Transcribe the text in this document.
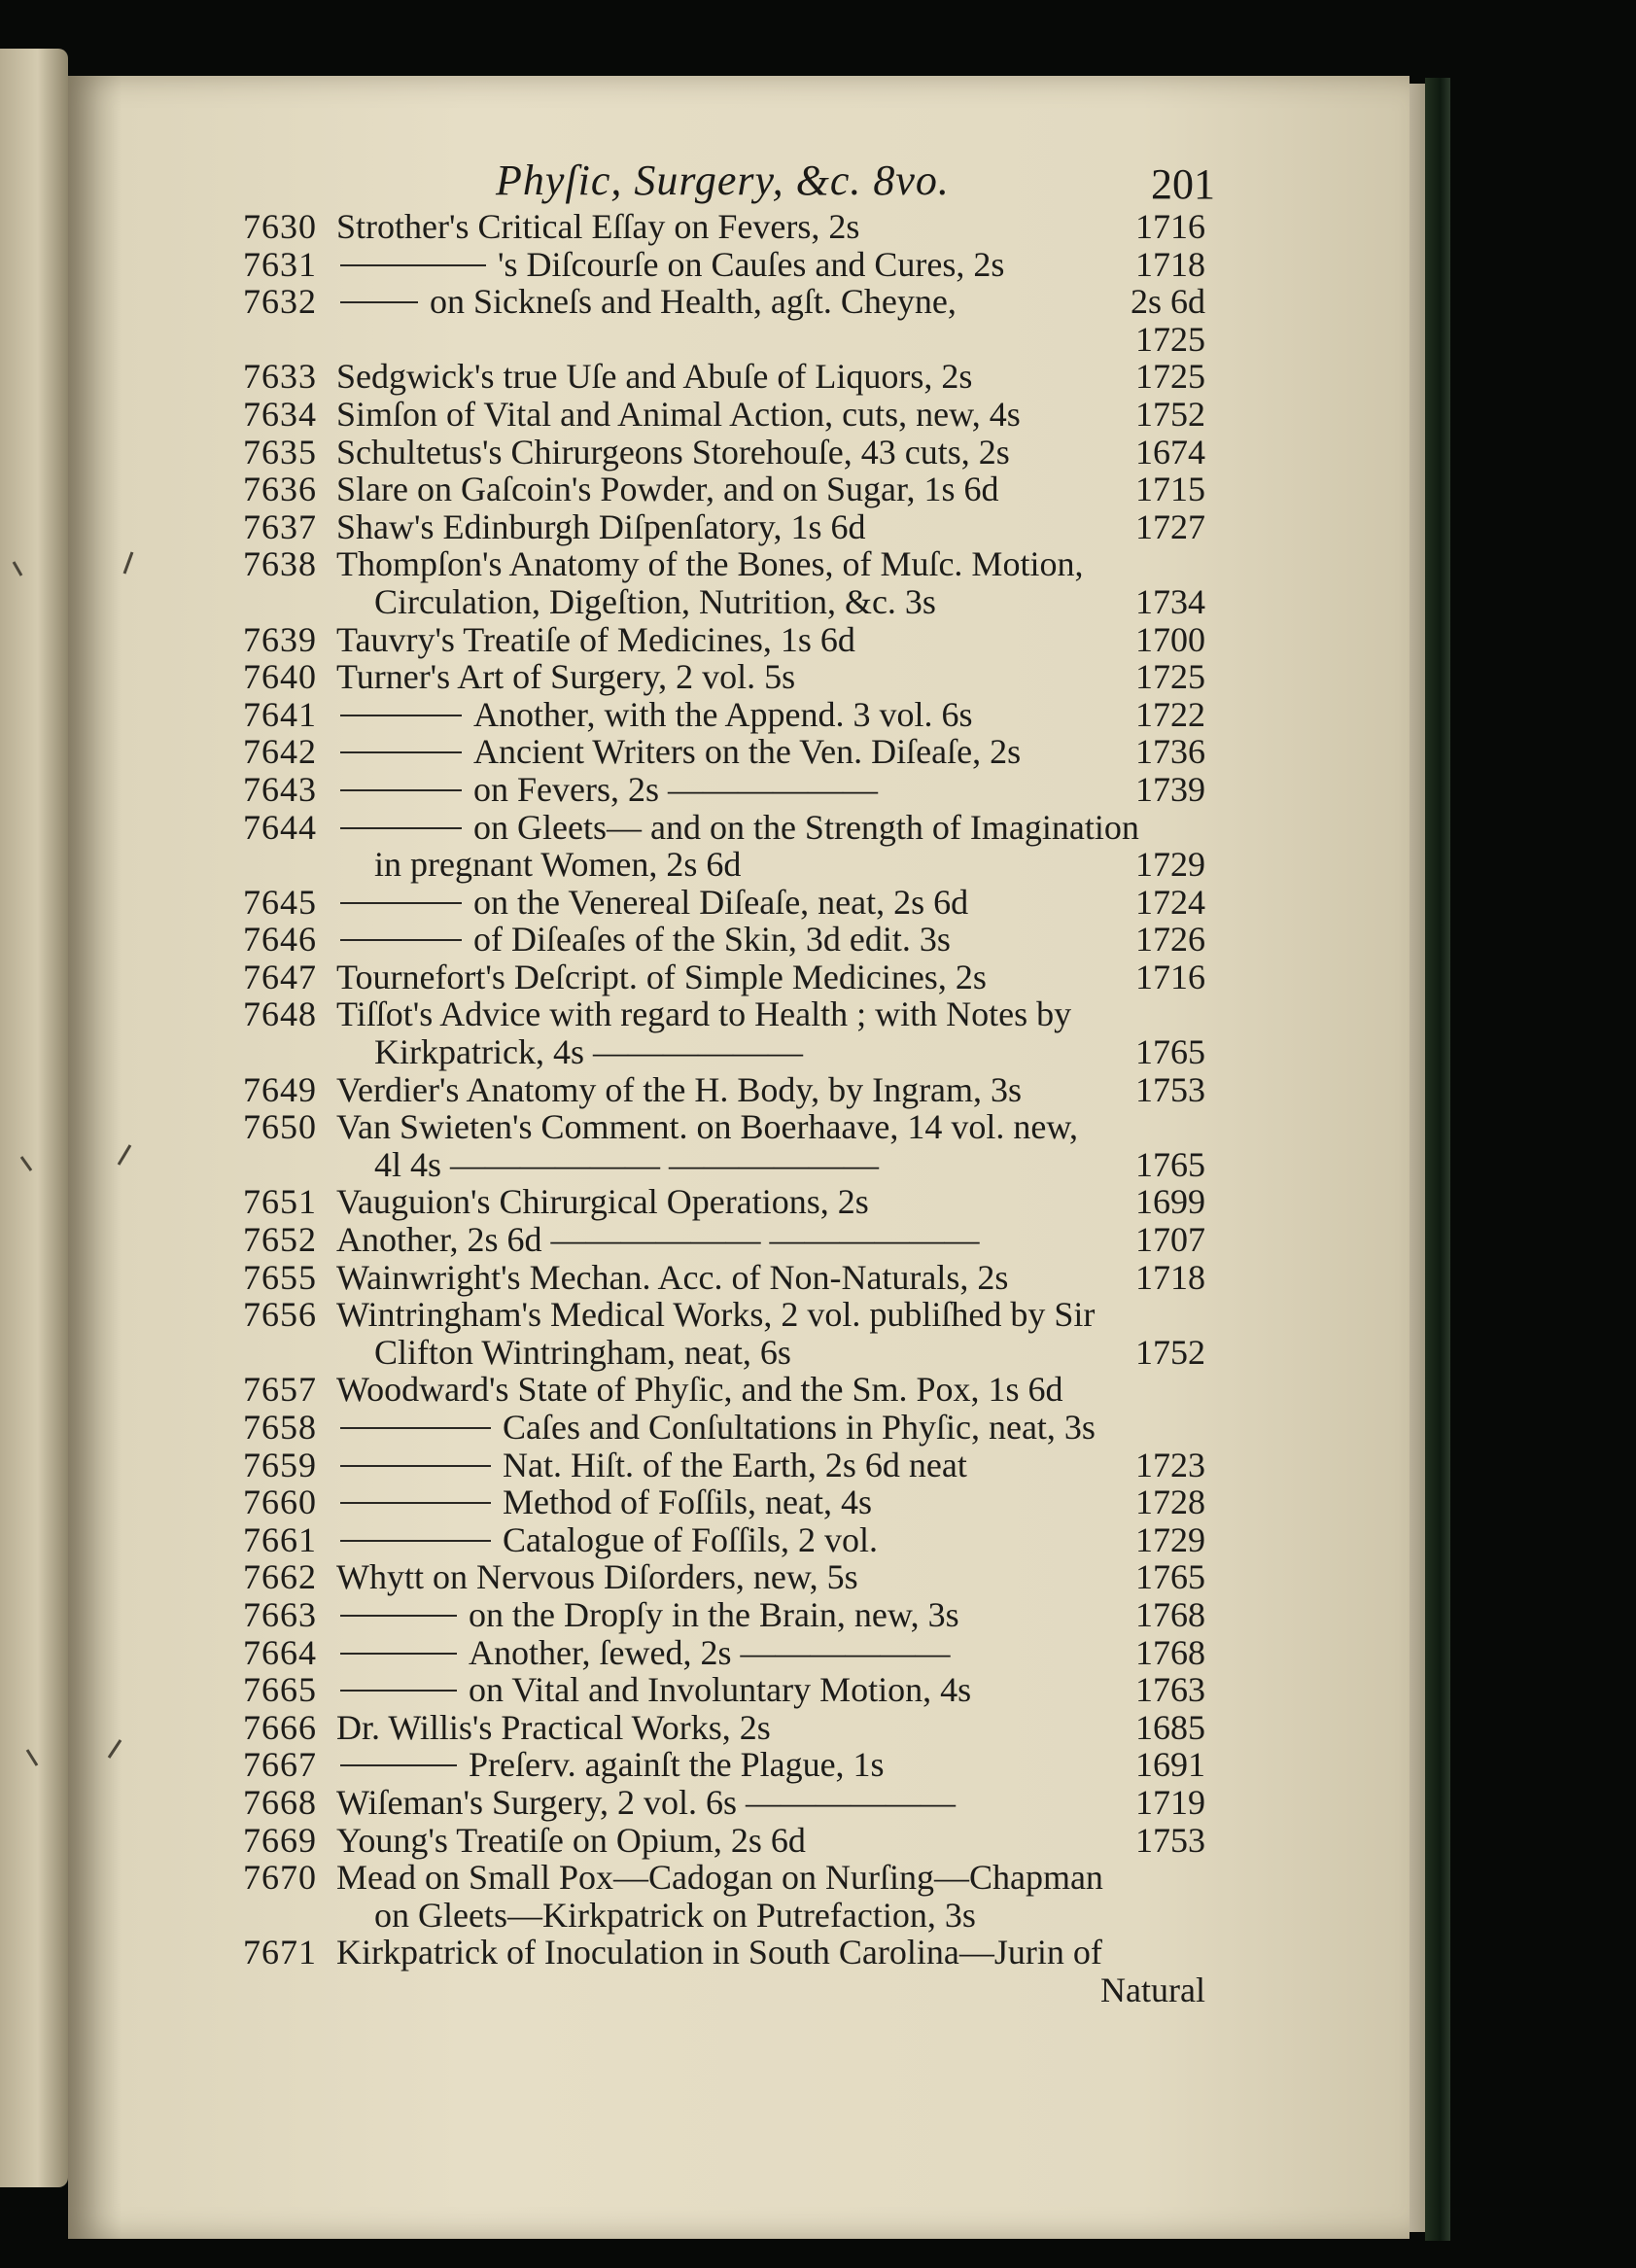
Phyſic, Surgery, &c. 8vo.	201
7630 Strother's Critical Eſſay on Fevers, 2s	1716
7631	's Diſcourſe on Cauſes and Cures, 2s	1718
7632	on Sickneſs and Health, agſt. Cheyne,	2s 6d
1725
7633 Sedgwick's true Uſe and Abuſe of Liquors, 2s	1725
7634 Simſon of Vital and Animal Action, cuts, new, 4s	1752
7635 Schultetus's Chirurgeons Storehouſe, 43 cuts, 2s	1674
7636 Slare on Gaſcoin's Powder, and on Sugar, 1s 6d	1715
7637 Shaw's Edinburgh Diſpenſatory, 1s 6d	1727
7638 Thompſon's Anatomy of the Bones, of Muſc. Motion,
Circulation, Digeſtion, Nutrition, &c. 3s	1734
7639 Tauvry's Treatiſe of Medicines, 1s 6d	1700
7640 Turner's Art of Surgery, 2 vol. 5s	1725
7641	Another, with the Append. 3 vol. 6s	1722
7642	Ancient Writers on the Ven. Diſeaſe, 2s	1736
7643	on Fevers, 2s ——————	1739
7644	on Gleets— and on the Strength of Imagination
in pregnant Women, 2s 6d	1729
7645	on the Venereal Diſeaſe, neat, 2s 6d	1724
7646	of Diſeaſes of the Skin, 3d edit. 3s	1726
7647 Tournefort's Deſcript. of Simple Medicines, 2s	1716
7648 Tiſſot's Advice with regard to Health ; with Notes by
Kirkpatrick, 4s ——————	1765
7649 Verdier's Anatomy of the H. Body, by Ingram, 3s	1753
7650 Van Swieten's Comment. on Boerhaave, 14 vol. new,
4l 4s —————— ——————	1765
7651 Vauguion's Chirurgical Operations, 2s	1699
7652 Another, 2s 6d —————— ——————	1707
7655 Wainwright's Mechan. Acc. of Non-Naturals, 2s	1718
7656 Wintringham's Medical Works, 2 vol. publiſhed by Sir
Clifton Wintringham, neat, 6s	1752
7657 Woodward's State of Phyſic, and the Sm. Pox, 1s 6d
7658	Caſes and Conſultations in Phyſic, neat, 3s
7659	Nat. Hiſt. of the Earth, 2s 6d neat	1723
7660	Method of Foſſils, neat, 4s	1728
7661	Catalogue of Foſſils, 2 vol.	1729
7662 Whytt on Nervous Diſorders, new, 5s	1765
7663	on the Dropſy in the Brain, new, 3s	1768
7664	Another, ſewed, 2s ——————	1768
7665	on Vital and Involuntary Motion, 4s	1763
7666 Dr. Willis's Practical Works, 2s	1685
7667	Preſerv. againſt the Plague, 1s	1691
7668 Wiſeman's Surgery, 2 vol. 6s ——————	1719
7669 Young's Treatiſe on Opium, 2s 6d	1753
7670 Mead on Small Pox—Cadogan on Nurſing—Chapman
on Gleets—Kirkpatrick on Putrefaction, 3s
7671 Kirkpatrick of Inoculation in South Carolina—Jurin of
Natural
